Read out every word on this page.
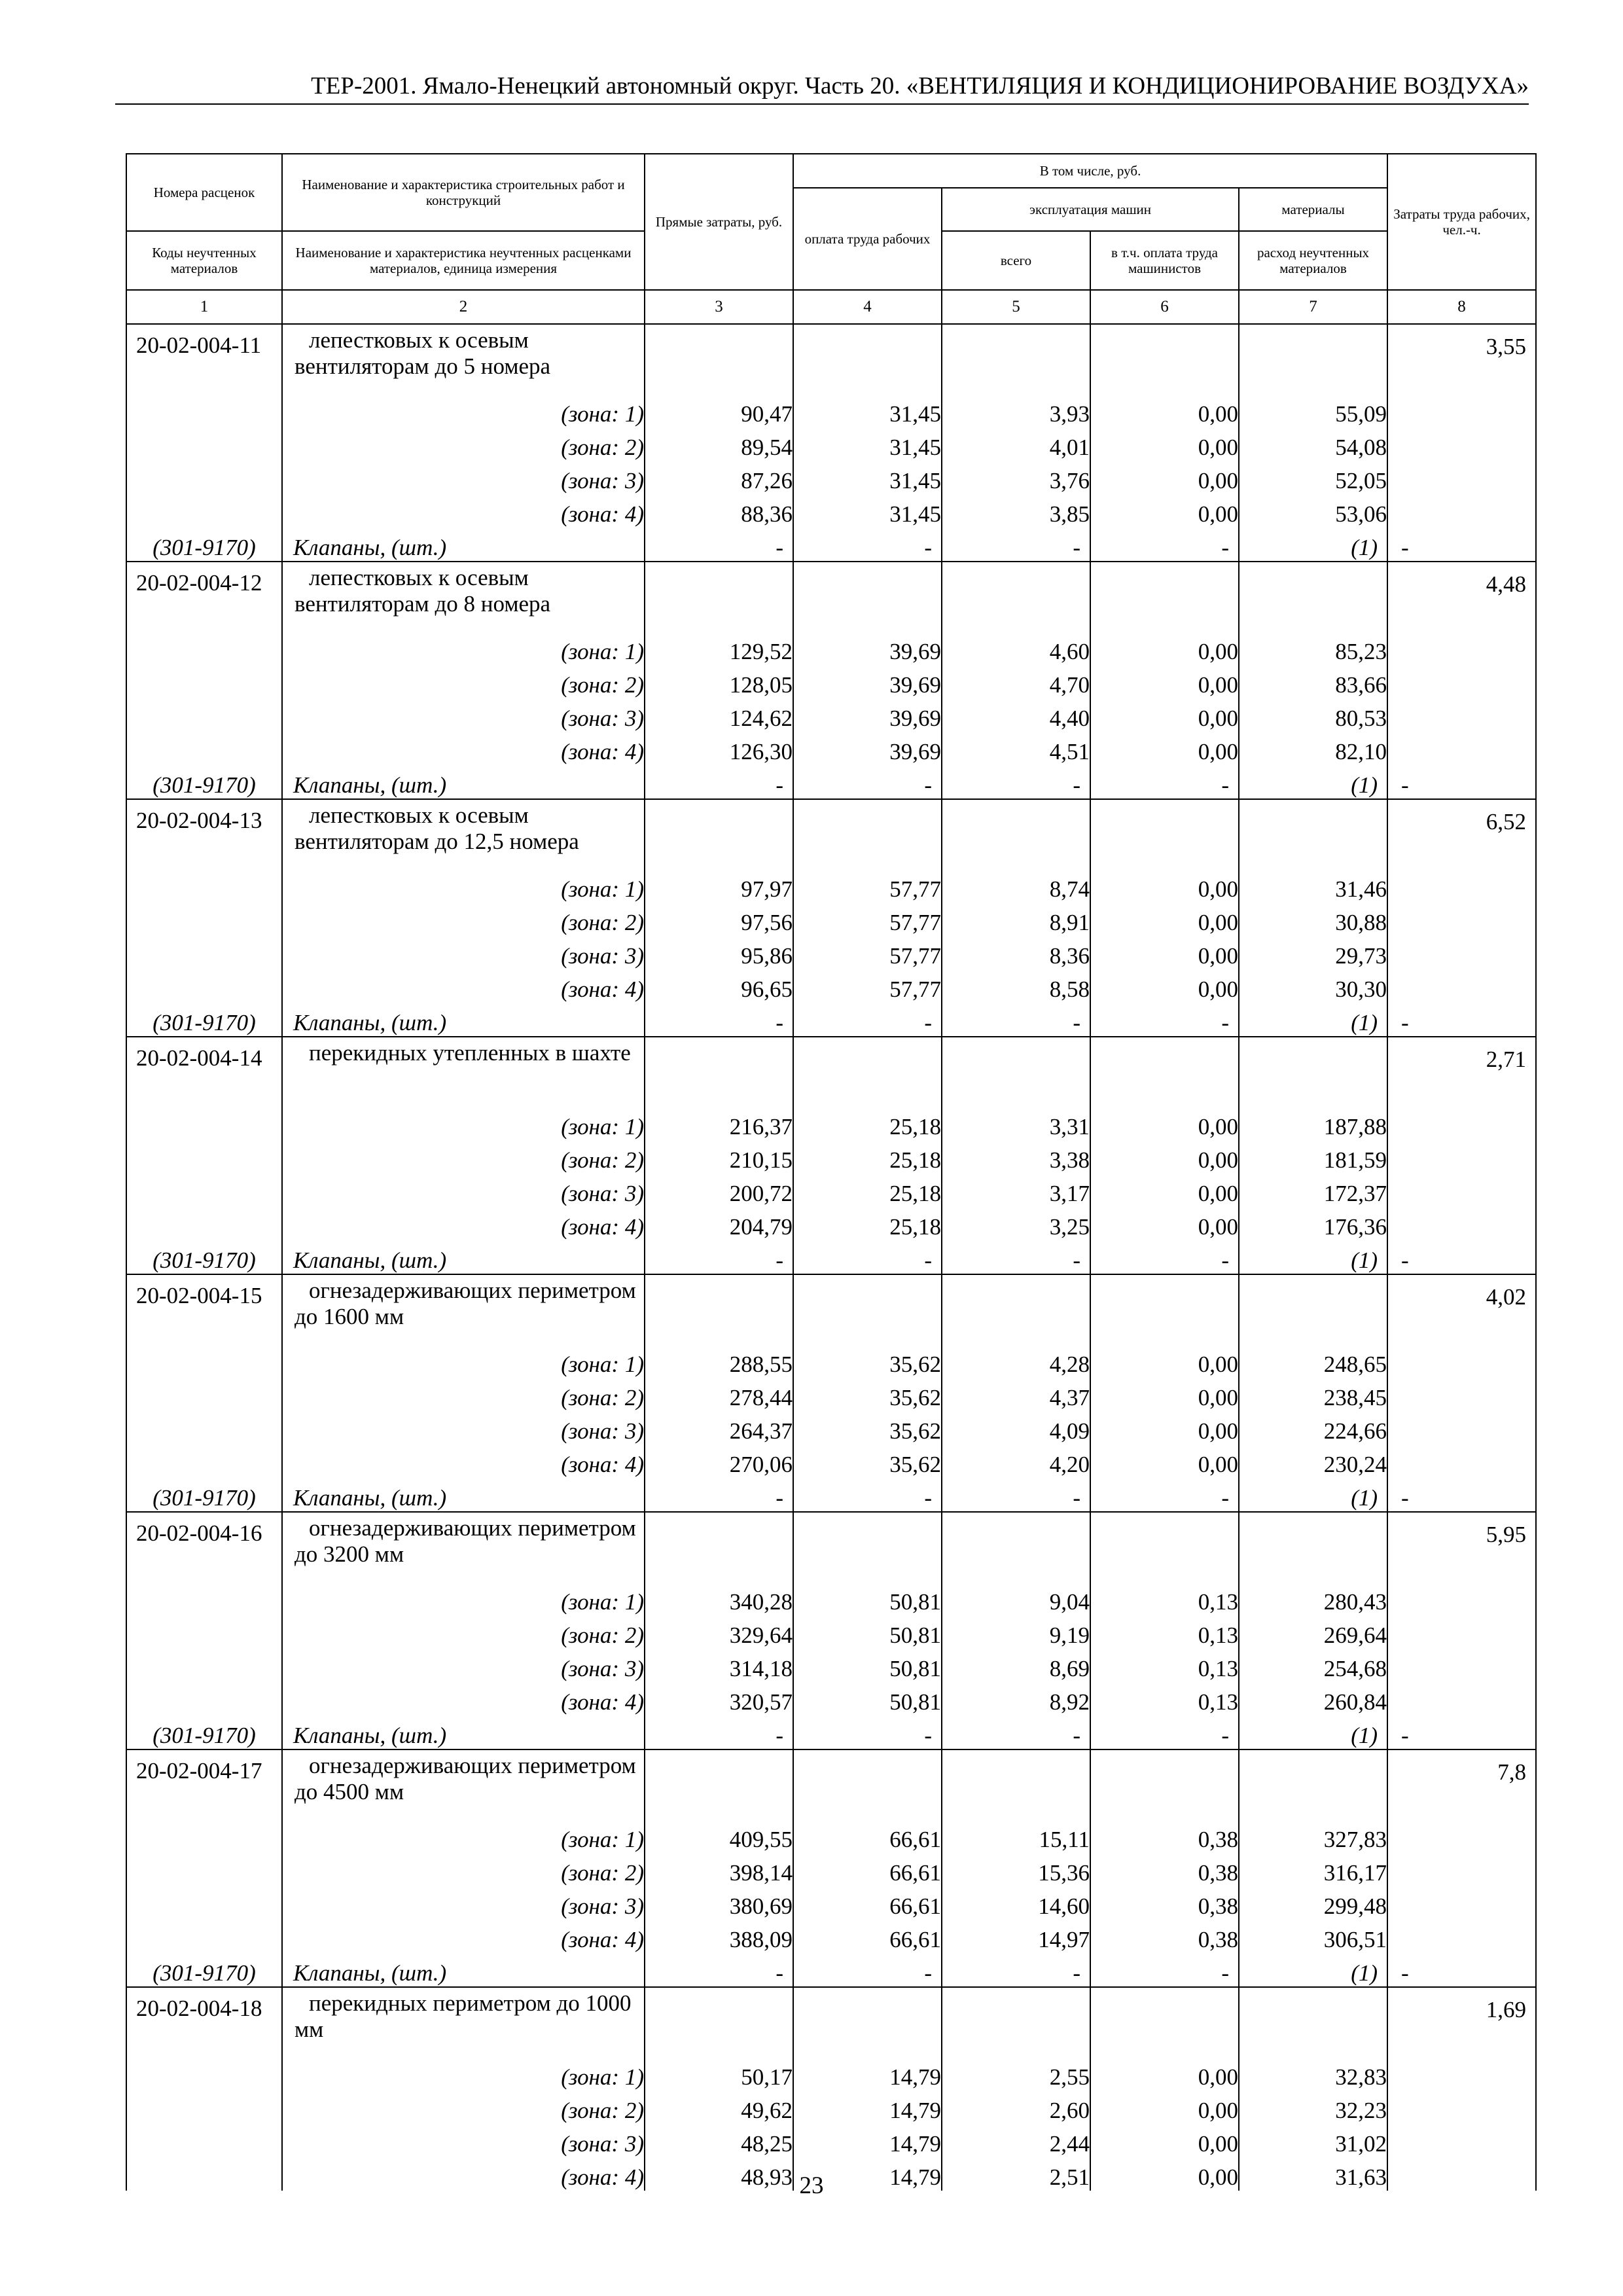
ТЕР-2001. Ямало-Ненецкий автономный округ. Часть 20. «ВЕНТИЛЯЦИЯ И КОНДИЦИОНИРОВАНИЕ ВОЗДУХА»
Номера расценок	Наименование и характеристика строительных работ и конструкций	Прямые затраты, руб.	В том числе, руб.				Затраты труда рабочих, чел.-ч.
			оплата труда рабочих	эксплуатация машин		материалы	
Коды неучтенных материалов	Наименование и характеристика неучтенных расценками материалов, единица измерения			всего	в т.ч. оплата труда машинистов	расход неучтенных материалов	
1	2	3	4	5	6	7	8
20-02-004-11	лепестковых к осевым вентиляторам до 5 номера						3,55
	(зона: 1)	90,47	31,45	3,93	0,00	55,09	
	(зона: 2)	89,54	31,45	4,01	0,00	54,08	
	(зона: 3)	87,26	31,45	3,76	0,00	52,05	
	(зона: 4)	88,36	31,45	3,85	0,00	53,06	
(301-9170)	Клапаны, (шт.)	-	-	-	-	(1)	-
20-02-004-12	лепестковых к осевым вентиляторам до 8 номера						4,48
	(зона: 1)	129,52	39,69	4,60	0,00	85,23	
	(зона: 2)	128,05	39,69	4,70	0,00	83,66	
	(зона: 3)	124,62	39,69	4,40	0,00	80,53	
	(зона: 4)	126,30	39,69	4,51	0,00	82,10	
(301-9170)	Клапаны, (шт.)	-	-	-	-	(1)	-
20-02-004-13	лепестковых к осевым вентиляторам до 12,5 номера						6,52
	(зона: 1)	97,97	57,77	8,74	0,00	31,46	
	(зона: 2)	97,56	57,77	8,91	0,00	30,88	
	(зона: 3)	95,86	57,77	8,36	0,00	29,73	
	(зона: 4)	96,65	57,77	8,58	0,00	30,30	
(301-9170)	Клапаны, (шт.)	-	-	-	-	(1)	-
20-02-004-14	перекидных утепленных в шахте						2,71
	(зона: 1)	216,37	25,18	3,31	0,00	187,88	
	(зона: 2)	210,15	25,18	3,38	0,00	181,59	
	(зона: 3)	200,72	25,18	3,17	0,00	172,37	
	(зона: 4)	204,79	25,18	3,25	0,00	176,36	
(301-9170)	Клапаны, (шт.)	-	-	-	-	(1)	-
20-02-004-15	огнезадерживающих периметром до 1600 мм						4,02
	(зона: 1)	288,55	35,62	4,28	0,00	248,65	
	(зона: 2)	278,44	35,62	4,37	0,00	238,45	
	(зона: 3)	264,37	35,62	4,09	0,00	224,66	
	(зона: 4)	270,06	35,62	4,20	0,00	230,24	
(301-9170)	Клапаны, (шт.)	-	-	-	-	(1)	-
20-02-004-16	огнезадерживающих периметром до 3200 мм						5,95
	(зона: 1)	340,28	50,81	9,04	0,13	280,43	
	(зона: 2)	329,64	50,81	9,19	0,13	269,64	
	(зона: 3)	314,18	50,81	8,69	0,13	254,68	
	(зона: 4)	320,57	50,81	8,92	0,13	260,84	
(301-9170)	Клапаны, (шт.)	-	-	-	-	(1)	-
20-02-004-17	огнезадерживающих периметром до 4500 мм						7,8
	(зона: 1)	409,55	66,61	15,11	0,38	327,83	
	(зона: 2)	398,14	66,61	15,36	0,38	316,17	
	(зона: 3)	380,69	66,61	14,60	0,38	299,48	
	(зона: 4)	388,09	66,61	14,97	0,38	306,51	
(301-9170)	Клапаны, (шт.)	-	-	-	-	(1)	-
20-02-004-18	перекидных периметром до 1000 мм						1,69
	(зона: 1)	50,17	14,79	2,55	0,00	32,83	
	(зона: 2)	49,62	14,79	2,60	0,00	32,23	
	(зона: 3)	48,25	14,79	2,44	0,00	31,02	
	(зона: 4)	48,93	14,79	2,51	0,00	31,63	
23
